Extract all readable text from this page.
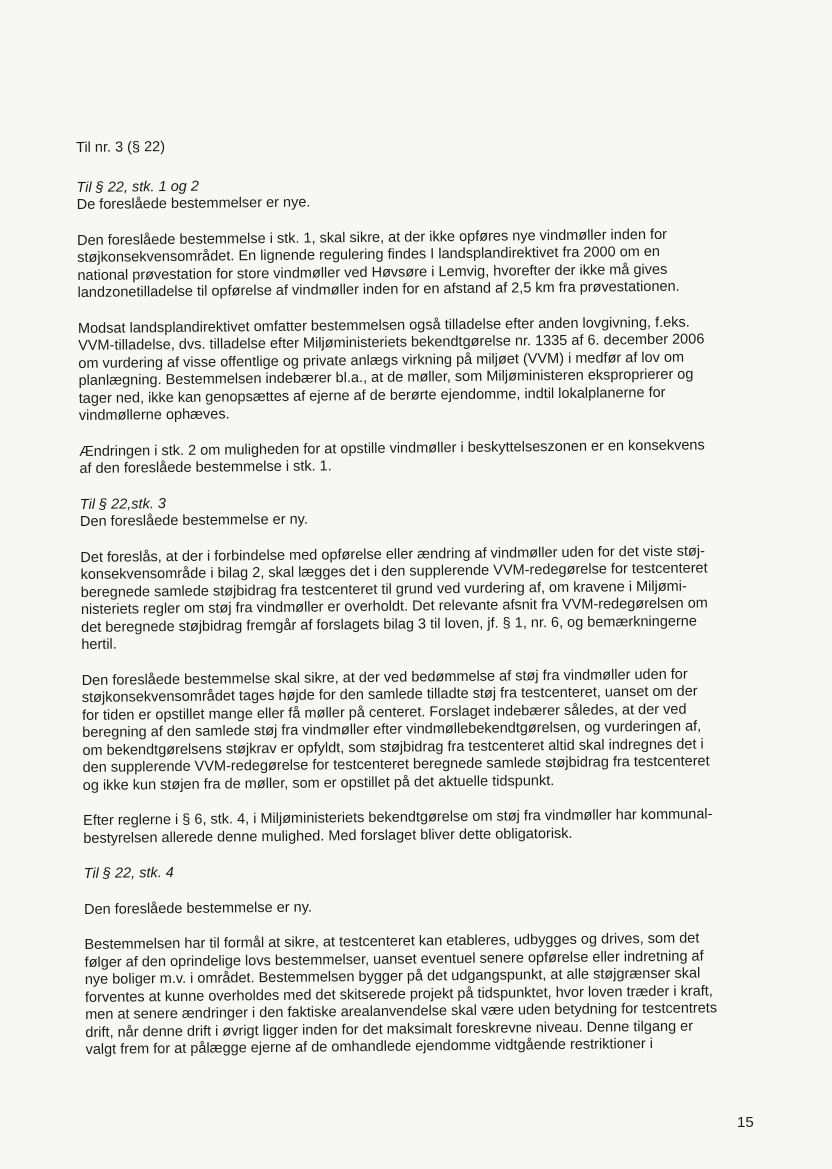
Til nr. 3 (§ 22)
Til § 22, stk. 1 og 2
De foreslåede bestemmelser er nye.
Den foreslåede bestemmelse i stk. 1, skal sikre, at der ikke opføres nye vindmøller inden for
støjkonsekvensområdet. En lignende regulering findes I landsplandirektivet fra 2000 om en
national prøvestation for store vindmøller ved Høvsøre i Lemvig, hvorefter der ikke må gives
landzonetilladelse til opførelse af vindmøller inden for en afstand af 2,5 km fra prøvestationen.
Modsat landsplandirektivet omfatter bestemmelsen også tilladelse efter anden lovgivning, f.eks.
VVM-tilladelse, dvs. tilladelse efter Miljøministeriets bekendtgørelse nr. 1335 af 6. december 2006
om vurdering af visse offentlige og private anlægs virkning på miljøet (VVM) i medfør af lov om
planlægning. Bestemmelsen indebærer bl.a., at de møller, som Miljøministeren eksproprierer og
tager ned, ikke kan genopsættes af ejerne af de berørte ejendomme, indtil lokalplanerne for
vindmøllerne ophæves.
Ændringen i stk. 2 om muligheden for at opstille vindmøller i beskyttelseszonen er en konsekvens
af den foreslåede bestemmelse i stk. 1.
Til § 22,stk. 3
Den foreslåede bestemmelse er ny.
Det foreslås, at der i forbindelse med opførelse eller ændring af vindmøller uden for det viste støj-
konsekvensområde i bilag 2, skal lægges det i den supplerende VVM-redegørelse for testcenteret
beregnede samlede støjbidrag fra testcenteret til grund ved vurdering af, om kravene i Miljømi-
nisteriets regler om støj fra vindmøller er overholdt. Det relevante afsnit fra VVM-redegørelsen om
det beregnede støjbidrag fremgår af forslagets bilag 3 til loven, jf. § 1, nr. 6, og bemærkningerne
hertil.
Den foreslåede bestemmelse skal sikre, at der ved bedømmelse af støj fra vindmøller uden for
støjkonsekvensområdet tages højde for den samlede tilladte støj fra testcenteret, uanset om der
for tiden er opstillet mange eller få møller på centeret. Forslaget indebærer således, at der ved
beregning af den samlede støj fra vindmøller efter vindmøllebekendtgørelsen, og vurderingen af,
om bekendtgørelsens støjkrav er opfyldt, som støjbidrag fra testcenteret altid skal indregnes det i
den supplerende VVM-redegørelse for testcenteret beregnede samlede støjbidrag fra testcenteret
og ikke kun støjen fra de møller, som er opstillet på det aktuelle tidspunkt.
Efter reglerne i § 6, stk. 4, i Miljøministeriets bekendtgørelse om støj fra vindmøller har kommunal-
bestyrelsen allerede denne mulighed. Med forslaget bliver dette obligatorisk.
Til § 22, stk. 4
Den foreslåede bestemmelse er ny.
Bestemmelsen har til formål at sikre, at testcenteret kan etableres, udbygges og drives, som det
følger af den oprindelige lovs bestemmelser, uanset eventuel senere opførelse eller indretning af
nye boliger m.v. i området. Bestemmelsen bygger på det udgangspunkt, at alle støjgrænser skal
forventes at kunne overholdes med det skitserede projekt på tidspunktet, hvor loven træder i kraft,
men at senere ændringer i den faktiske arealanvendelse skal være uden betydning for testcentrets
drift, når denne drift i øvrigt ligger inden for det maksimalt foreskrevne niveau. Denne tilgang er
valgt frem for at pålægge ejerne af de omhandlede ejendomme vidtgående restriktioner i
15
